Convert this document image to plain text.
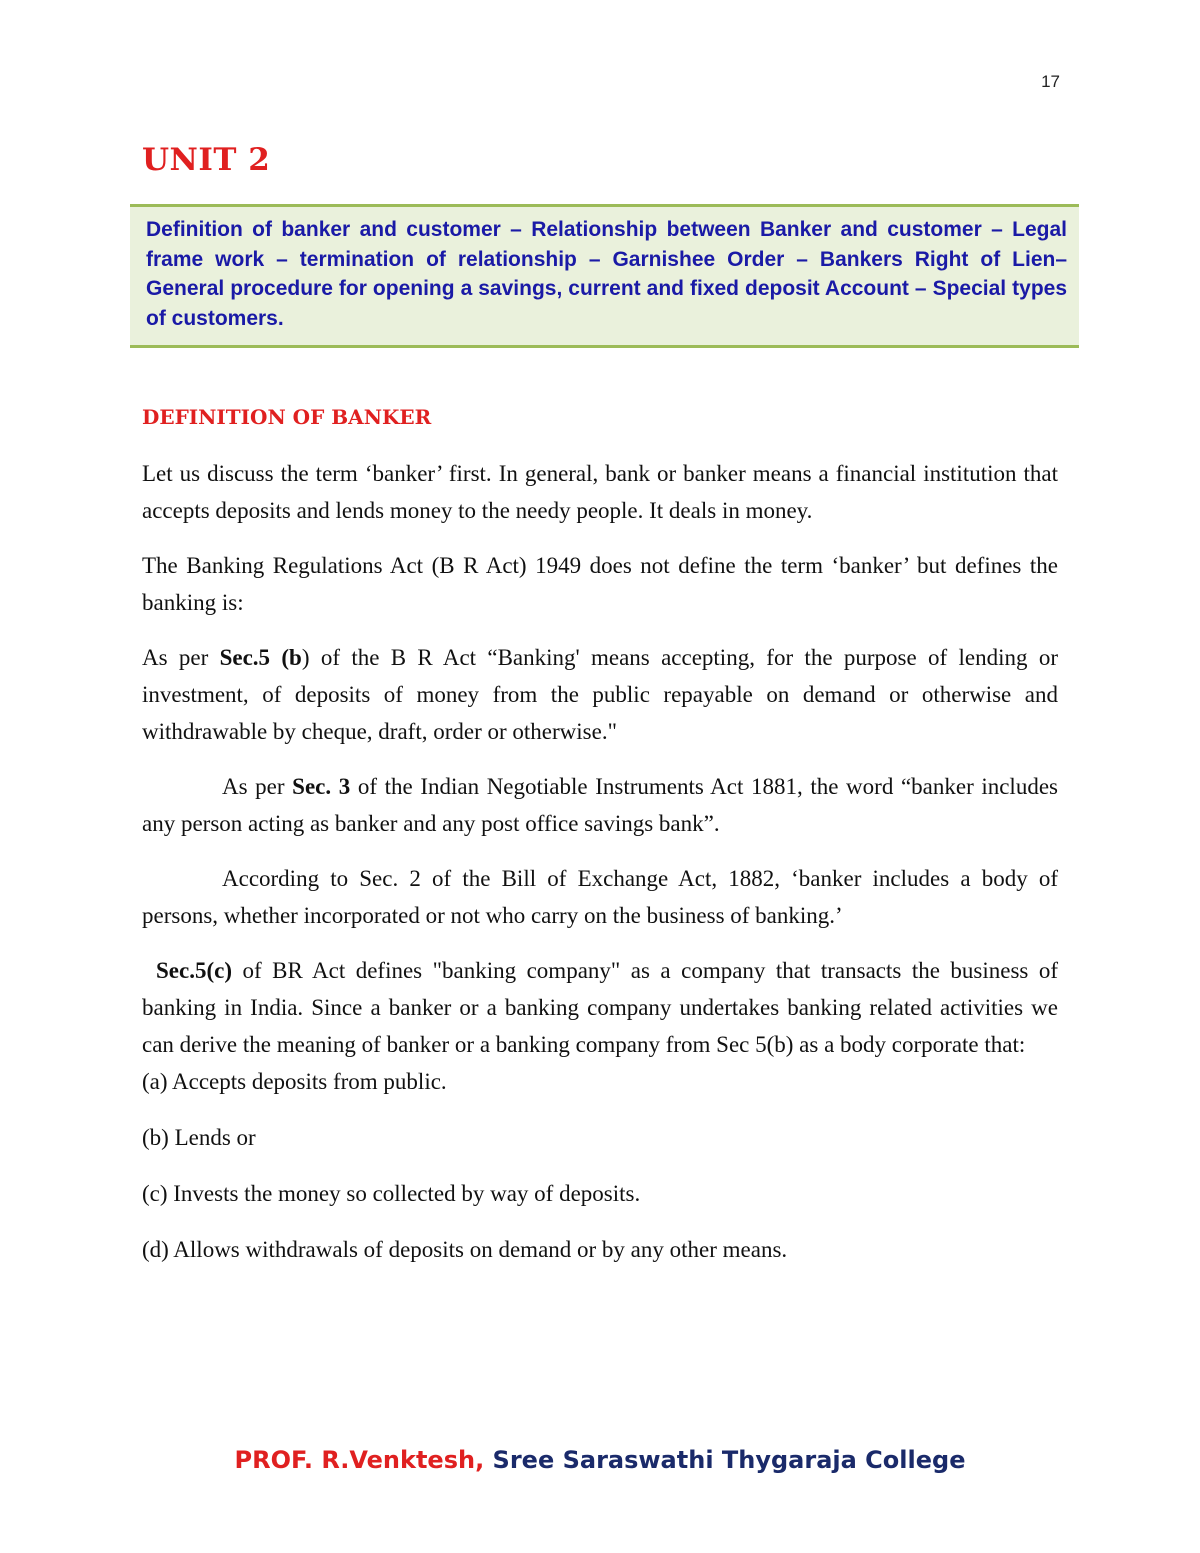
17
UNIT 2

Definition of banker and customer – Relationship between Banker and customer – Legal frame work – termination of relationship – Garnishee Order – Bankers Right of Lien– General procedure for opening a savings, current and fixed deposit Account – Special types of customers.

DEFINITION OF BANKER

Let us discuss the term ‘banker’ first. In general, bank or banker means a financial institution that accepts deposits and lends money to the needy people. It deals in money.

The Banking Regulations Act (B R Act) 1949 does not define the term ‘banker’ but defines the banking is:

As per Sec.5 (b) of the B R Act “Banking' means accepting, for the purpose of lending or investment, of deposits of money from the public repayable on demand or otherwise and withdrawable by cheque, draft, order or otherwise."

As per Sec. 3 of the Indian Negotiable Instruments Act 1881, the word “banker includes any person acting as banker and any post office savings bank”.

According to Sec. 2 of the Bill of Exchange Act, 1882, ‘banker includes a body of persons, whether incorporated or not who carry on the business of banking.’

Sec.5(c) of BR Act defines "banking company" as a company that transacts the business of banking in India. Since a banker or a banking company undertakes banking related activities we can derive the meaning of banker or a banking company from Sec 5(b) as a body corporate that:

(a) Accepts deposits from public.
(b) Lends or
(c) Invests the money so collected by way of deposits.
(d) Allows withdrawals of deposits on demand or by any other means.
PROF. R.Venktesh, Sree Saraswathi Thygaraja College
